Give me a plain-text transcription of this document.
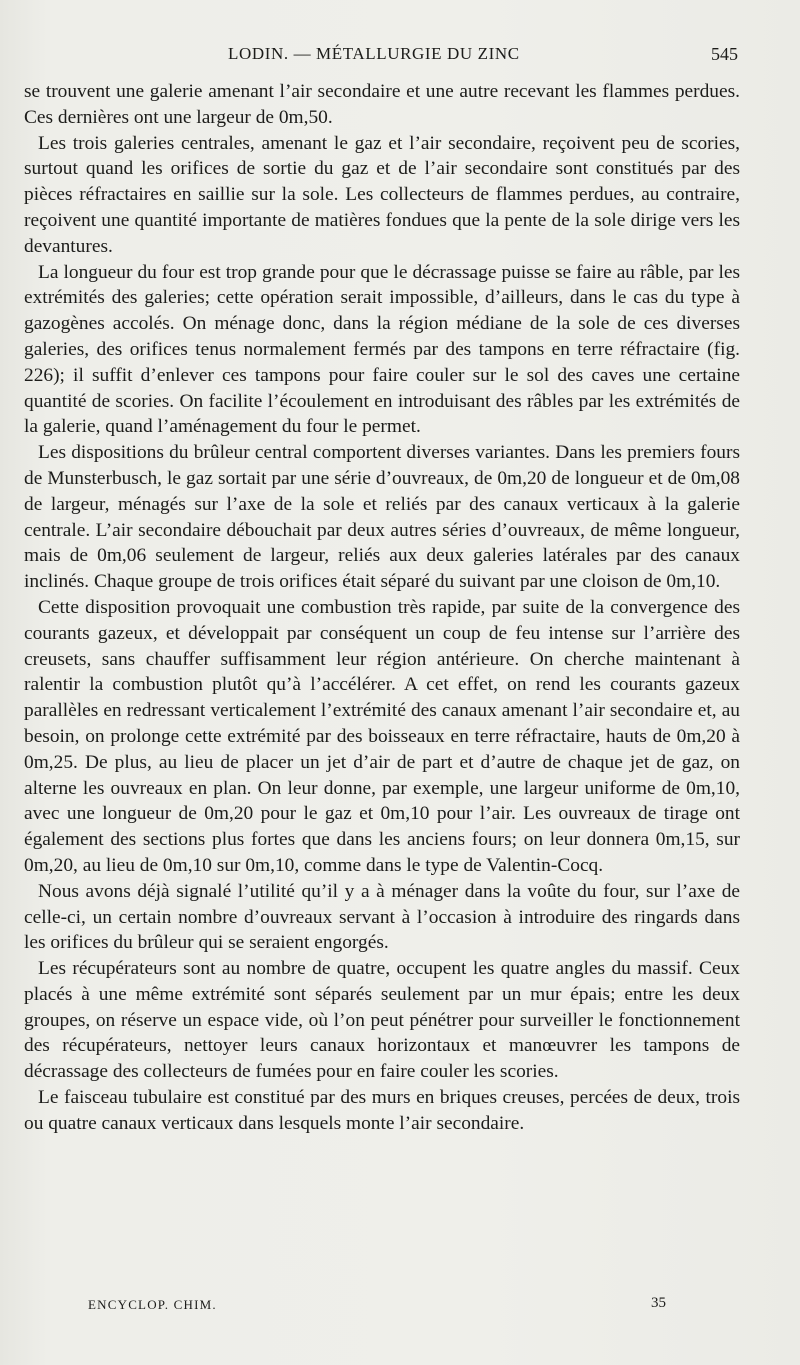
LODIN. — MÉTALLURGIE DU ZINC	545

se trouvent une galerie amenant l’air secondaire et une autre recevant les flammes perdues. Ces dernières ont une largeur de 0m,50.

Les trois galeries centrales, amenant le gaz et l’air secondaire, reçoivent peu de scories, surtout quand les orifices de sortie du gaz et de l’air secondaire sont constitués par des pièces réfractaires en saillie sur la sole. Les collecteurs de flammes perdues, au contraire, reçoivent une quantité importante de matières fondues que la pente de la sole dirige vers les devantures.

La longueur du four est trop grande pour que le décrassage puisse se faire au râble, par les extrémités des galeries; cette opération serait impossible, d’ailleurs, dans le cas du type à gazogènes accolés. On ménage donc, dans la région médiane de la sole de ces diverses galeries, des orifices tenus normalement fermés par des tampons en terre réfractaire (fig. 226); il suffit d’enlever ces tampons pour faire couler sur le sol des caves une certaine quantité de scories. On facilite l’écoulement en introduisant des râbles par les extrémités de la galerie, quand l’aménagement du four le permet.

Les dispositions du brûleur central comportent diverses variantes. Dans les premiers fours de Munsterbusch, le gaz sortait par une série d’ouvreaux, de 0m,20 de longueur et de 0m,08 de largeur, ménagés sur l’axe de la sole et reliés par des canaux verticaux à la galerie centrale. L’air secondaire débouchait par deux autres séries d’ouvreaux, de même longueur, mais de 0m,06 seulement de largeur, reliés aux deux galeries latérales par des canaux inclinés. Chaque groupe de trois orifices était séparé du suivant par une cloison de 0m,10.

Cette disposition provoquait une combustion très rapide, par suite de la convergence des courants gazeux, et développait par conséquent un coup de feu intense sur l’arrière des creusets, sans chauffer suffisamment leur région antérieure. On cherche maintenant à ralentir la combustion plutôt qu’à l’accélérer. A cet effet, on rend les courants gazeux parallèles en redressant verticalement l’extrémité des canaux amenant l’air secondaire et, au besoin, on prolonge cette extrémité par des boisseaux en terre réfractaire, hauts de 0m,20 à 0m,25. De plus, au lieu de placer un jet d’air de part et d’autre de chaque jet de gaz, on alterne les ouvreaux en plan. On leur donne, par exemple, une largeur uniforme de 0m,10, avec une longueur de 0m,20 pour le gaz et 0m,10 pour l’air. Les ouvreaux de tirage ont également des sections plus fortes que dans les anciens fours; on leur donnera 0m,15, sur 0m,20, au lieu de 0m,10 sur 0m,10, comme dans le type de Valentin-Cocq.

Nous avons déjà signalé l’utilité qu’il y a à ménager dans la voûte du four, sur l’axe de celle-ci, un certain nombre d’ouvreaux servant à l’occasion à introduire des ringards dans les orifices du brûleur qui se seraient engorgés.

Les récupérateurs sont au nombre de quatre, occupent les quatre angles du massif. Ceux placés à une même extrémité sont séparés seulement par un mur épais; entre les deux groupes, on réserve un espace vide, où l’on peut pénétrer pour surveiller le fonctionnement des récupérateurs, nettoyer leurs canaux horizontaux et manœuvrer les tampons de décrassage des collecteurs de fumées pour en faire couler les scories.

Le faisceau tubulaire est constitué par des murs en briques creuses, percées de deux, trois ou quatre canaux verticaux dans lesquels monte l’air secondaire.

ENCYCLOP. CHIM.	35
